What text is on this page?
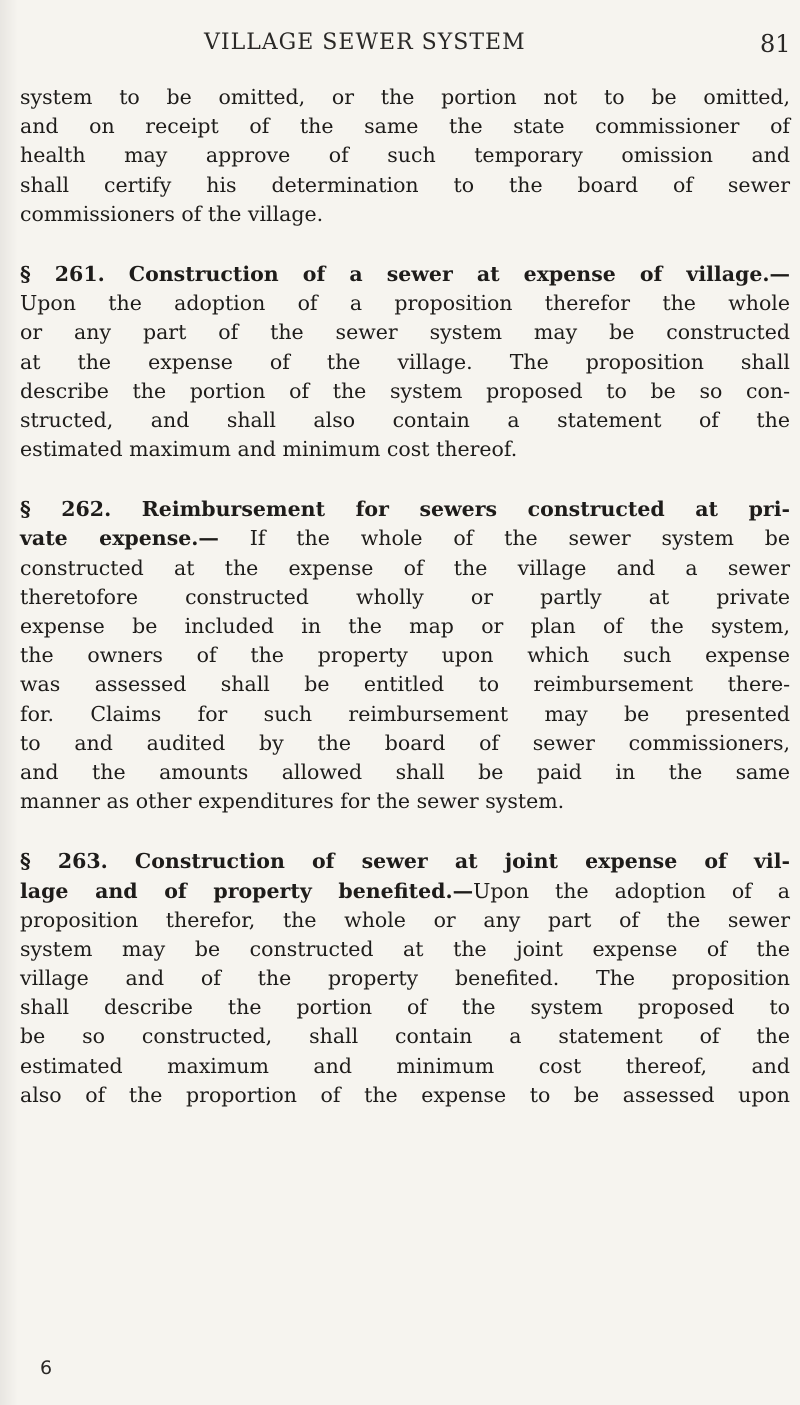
VILLAGE SEWER SYSTEM	81
system to be omitted, or the portion not to be omitted,
and on receipt of the same the state commissioner of
health may approve of such temporary omission and
shall certify his determination to the board of sewer
commissioners of the village.
§ 261. Construction of a sewer at expense of village.—
Upon the adoption of a proposition therefor the whole
or any part of the sewer system may be constructed
at the expense of the village. The proposition shall
describe the portion of the system proposed to be so con-
structed, and shall also contain a statement of the
estimated maximum and minimum cost thereof.
§ 262. Reimbursement for sewers constructed at pri-
vate expense.— If the whole of the sewer system be
constructed at the expense of the village and a sewer
theretofore constructed wholly or partly at private
expense be included in the map or plan of the system,
the owners of the property upon which such expense
was assessed shall be entitled to reimbursement there-
for. Claims for such reimbursement may be presented
to and audited by the board of sewer commissioners,
and the amounts allowed shall be paid in the same
manner as other expenditures for the sewer system.
§ 263. Construction of sewer at joint expense of vil-
lage and of property benefited.—Upon the adoption of a
proposition therefor, the whole or any part of the sewer
system may be constructed at the joint expense of the
village and of the property benefited. The proposition
shall describe the portion of the system proposed to
be so constructed, shall contain a statement of the
estimated maximum and minimum cost thereof, and
also of the proportion of the expense to be assessed upon
6
